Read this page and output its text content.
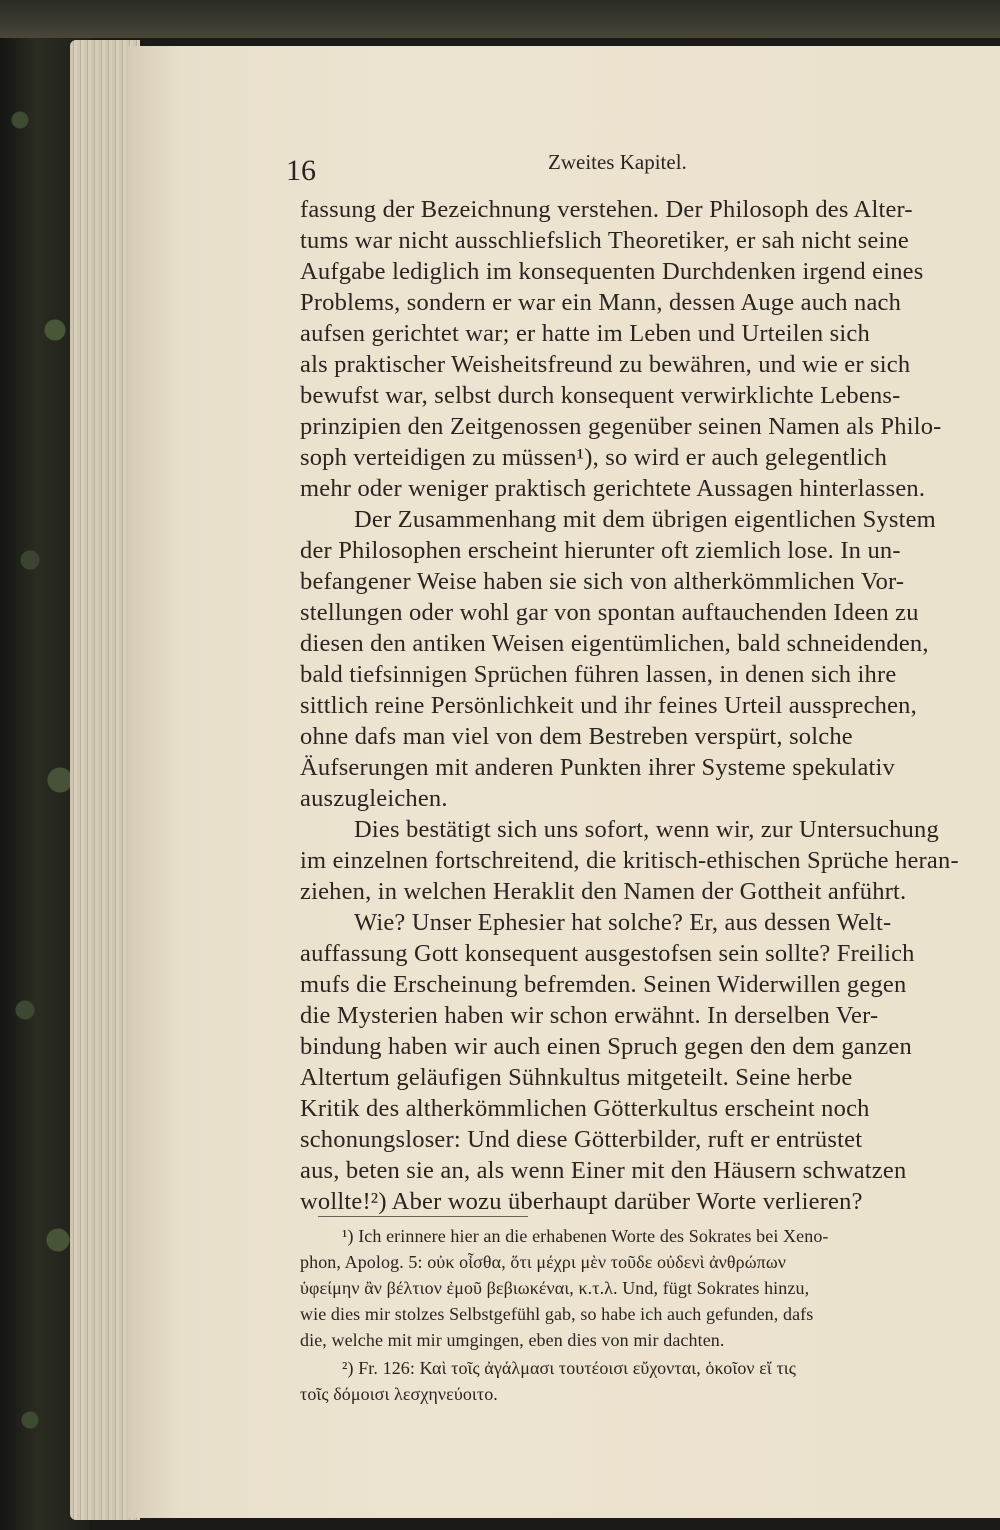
16	Zweites Kapitel.
fassung der Bezeichnung verstehen. Der Philosoph des Alter-
tums war nicht ausschliefslich Theoretiker, er sah nicht seine
Aufgabe lediglich im konsequenten Durchdenken irgend eines
Problems, sondern er war ein Mann, dessen Auge auch nach
aufsen gerichtet war; er hatte im Leben und Urteilen sich
als praktischer Weisheitsfreund zu bewähren, und wie er sich
bewufst war, selbst durch konsequent verwirklichte Lebens-
prinzipien den Zeitgenossen gegenüber seinen Namen als Philo-
soph verteidigen zu müssen¹), so wird er auch gelegentlich
mehr oder weniger praktisch gerichtete Aussagen hinterlassen.
Der Zusammenhang mit dem übrigen eigentlichen System
der Philosophen erscheint hierunter oft ziemlich lose. In un-
befangener Weise haben sie sich von altherkömmlichen Vor-
stellungen oder wohl gar von spontan auftauchenden Ideen zu
diesen den antiken Weisen eigentümlichen, bald schneidenden,
bald tiefsinnigen Sprüchen führen lassen, in denen sich ihre
sittlich reine Persönlichkeit und ihr feines Urteil aussprechen,
ohne dafs man viel von dem Bestreben verspürt, solche
Äufserungen mit anderen Punkten ihrer Systeme spekulativ
auszugleichen.
Dies bestätigt sich uns sofort, wenn wir, zur Untersuchung
im einzelnen fortschreitend, die kritisch-ethischen Sprüche heran-
ziehen, in welchen Heraklit den Namen der Gottheit anführt.
Wie? Unser Ephesier hat solche? Er, aus dessen Welt-
auffassung Gott konsequent ausgestofsen sein sollte? Freilich
mufs die Erscheinung befremden. Seinen Widerwillen gegen
die Mysterien haben wir schon erwähnt. In derselben Ver-
bindung haben wir auch einen Spruch gegen den dem ganzen
Altertum geläufigen Sühnkultus mitgeteilt. Seine herbe
Kritik des altherkömmlichen Götterkultus erscheint noch
schonungsloser: Und diese Götterbilder, ruft er entrüstet
aus, beten sie an, als wenn Einer mit den Häusern schwatzen
wollte!²) Aber wozu überhaupt darüber Worte verlieren?
¹) Ich erinnere hier an die erhabenen Worte des Sokrates bei Xeno-
phon, Apolog. 5: οὐκ οἶσθα, ὅτι μέχρι μὲν τοῦδε οὐδενὶ ἀνθρώπων
ὑφείμην ἂν βέλτιον ἐμοῦ βεβιωκέναι, κ.τ.λ. Und, fügt Sokrates hinzu,
wie dies mir stolzes Selbstgefühl gab, so habe ich auch gefunden, dafs
die, welche mit mir umgingen, eben dies von mir dachten.
²) Fr. 126: Καὶ τοῖς ἀγάλμασι τουτέοισι εὔχονται, ὁκοῖον εἴ τις
τοῖς δόμοισι λεσχηνεύοιτο.
